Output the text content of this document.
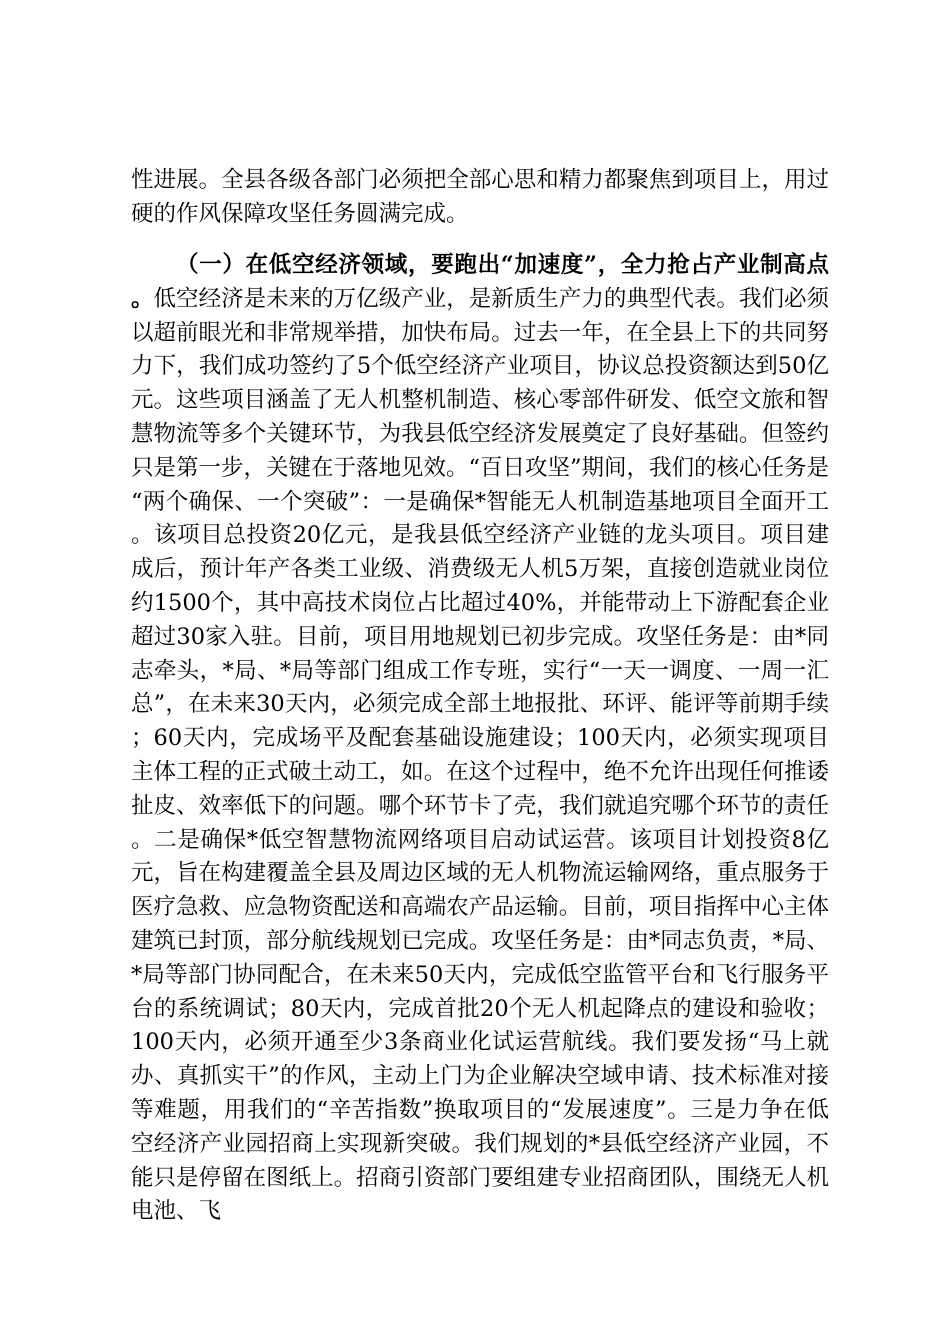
性进展。全县各级各部门必须把全部心思和精力都聚焦到项目上，用过硬的作风保障攻坚任务圆满完成。

（一）在低空经济领域，要跑出“加速度”，全力抢占产业制高点。低空经济是未来的万亿级产业，是新质生产力的典型代表。我们必须以超前眼光和非常规举措，加快布局。过去一年，在全县上下的共同努力下，我们成功签约了5个低空经济产业项目，协议总投资额达到50亿元。这些项目涵盖了无人机整机制造、核心零部件研发、低空文旅和智慧物流等多个关键环节，为我县低空经济发展奠定了良好基础。但签约只是第一步，关键在于落地见效。“百日攻坚”期间，我们的核心任务是“两个确保、一个突破”：一是确保*智能无人机制造基地项目全面开工。该项目总投资20亿元，是我县低空经济产业链的龙头项目。项目建成后，预计年产各类工业级、消费级无人机5万架，直接创造就业岗位约1500个，其中高技术岗位占比超过40%，并能带动上下游配套企业超过30家入驻。目前，项目用地规划已初步完成。攻坚任务是：由*同志牵头，*局、*局等部门组成工作专班，实行“一天一调度、一周一汇总”，在未来30天内，必须完成全部土地报批、环评、能评等前期手续；60天内，完成场平及配套基础设施建设；100天内，必须实现项目主体工程的正式破土动工，如。在这个过程中，绝不允许出现任何推诿扯皮、效率低下的问题。哪个环节卡了壳，我们就追究哪个环节的责任。二是确保*低空智慧物流网络项目启动试运营。该项目计划投资8亿元，旨在构建覆盖全县及周边区域的无人机物流运输网络，重点服务于医疗急救、应急物资配送和高端农产品运输。目前，项目指挥中心主体建筑已封顶，部分航线规划已完成。攻坚任务是：由*同志负责，*局、*局等部门协同配合，在未来50天内，完成低空监管平台和飞行服务平台的系统调试；80天内，完成首批20个无人机起降点的建设和验收；100天内，必须开通至少3条商业化试运营航线。我们要发扬“马上就办、真抓实干”的作风，主动上门为企业解决空域申请、技术标准对接等难题，用我们的“辛苦指数”换取项目的“发展速度”。三是力争在低空经济产业园招商上实现新突破。我们规划的*县低空经济产业园，不能只是停留在图纸上。招商引资部门要组建专业招商团队，围绕无人机电池、飞
